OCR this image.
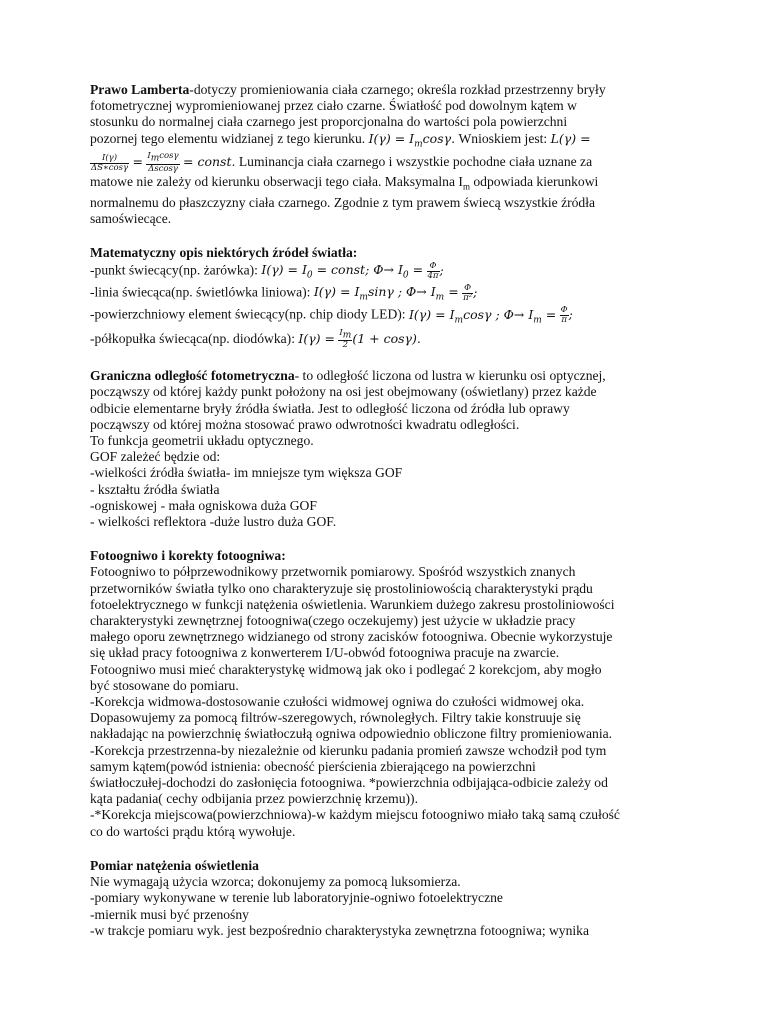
Prawo Lamberta-dotyczy promieniowania ciała czarnego; określa rozkład przestrzenny bryły

fotometrycznej wypromieniowanej przez ciało czarne. Światłość pod dowolnym kątem w

stosunku do normalnej ciała czarnego jest proporcjonalna do wartości pola powierzchni

pozornej tego elementu widzianej z tego kierunku. $I(\gamma) = I_m\cos\gamma$. Wnioskiem jest: L(γ) =

$\frac{I(\gamma)}{\Delta S∗\cos\gamma} = \frac{I_m\cos\gamma}{\Delta scos\gamma}$ = const. Luminancja ciała czarnego i wszystkie pochodne ciała uznane za

matowe nie zależy od kierunku obserwacji tego ciała. Maksymalna $I_m$ odpowiada kierunkowi

normalnemu do płaszczyzny ciała czarnego. Zgodnie z tym prawem świecą wszystkie źródła

samoświecące.

Matematyczny opis niektórych źródeł światła:

-punkt świecący(np. żarówka): $I(\gamma) = I_0$ = const; $\Phi\to I_0 = \frac{\Phi}{4\pi}$ ;

-linia świecąca(np. świetlówka liniowa): $I(\gamma) = I_m\sin\gamma$ ; $\Phi\to I_m = \frac{\Phi}{\text{π²}}$ ;

-powierzchniowy element świecący(np. chip diody LED): $I(\gamma) = I_m\cos\gamma$ ; $\Phi\to I_m = \frac{\Phi}{\pi}$ ;

-półkopułka świecąca(np. diodówka): $I(\gamma) = \frac{I_m}{2} (1 + \cos\gamma)$.

Graniczna odległość fotometryczna- to odległość liczona od lustra w kierunku osi optycznej,

począwszy od której każdy punkt położony na osi jest obejmowany (oświetlany) przez każde

odbicie elementarne bryły źródła światła. Jest to odległość liczona od źródła lub oprawy

począwszy od której można stosować prawo odwrotności kwadratu odległości.

To funkcja geometrii układu optycznego.

GOF zależeć będzie od:

-wielkości źródła światła- im mniejsze tym większa GOF

- kształtu źródła światła

-ogniskowej - mała ogniskowa duża GOF

- wielkości reflektora -duże lustro duża GOF.

Fotoogniwo i korekty fotoogniwa:

Fotoogniwo to półprzewodnikowy przetwornik pomiarowy. Spośród wszystkich znanych

przetworników światła tylko ono charakteryzuje się prostoliniowością charakterystyki prądu

fotoelektrycznego w funkcji natężenia oświetlenia. Warunkiem dużego zakresu prostoliniowości

charakterystyki zewnętrznej fotoogniwa(czego oczekujemy) jest użycie w układzie pracy

małego oporu zewnętrznego widzianego od strony zacisków fotoogniwa. Obecnie wykorzystuje

się układ pracy fotoogniwa z konwerterem I/U-obwód fotoogniwa pracuje na zwarcie.

Fotoogniwo musi mieć charakterystykę widmową jak oko i podlegać 2 korekcjom, aby mogło

być stosowane do pomiaru.

-Korekcja widmowa-dostosowanie czułości widmowej ogniwa do czułości widmowej oka.

Dopasowujemy za pomocą filtrów-szeregowych, równoległych. Filtry takie konstruuje się

nakładając na powierzchnię światłoczułą ogniwa odpowiednio obliczone filtry promieniowania.

-Korekcja przestrzenna-by niezależnie od kierunku padania promień zawsze wchodził pod tym

samym kątem(powód istnienia: obecność pierścienia zbierającego na powierzchni

światłoczułej-dochodzi do zasłonięcia fotoogniwa. *powierzchnia odbijająca-odbicie zależy od

kąta padania( cechy odbijania przez powierzchnię krzemu)).

-*Korekcja miejscowa(powierzchniowa)-w każdym miejscu fotoogniwo miało taką samą czułość

co do wartości prądu którą wywołuje.

Pomiar natężenia oświetlenia

Nie wymagają użycia wzorca; dokonujemy za pomocą luksomierza.

-pomiary wykonywane w terenie lub laboratoryjnie-ogniwo fotoelektryczne

-miernik musi być przenośny

-w trakcje pomiaru wyk. jest bezpośrednio charakterystyka zewnętrzna fotoogniwa; wynika
